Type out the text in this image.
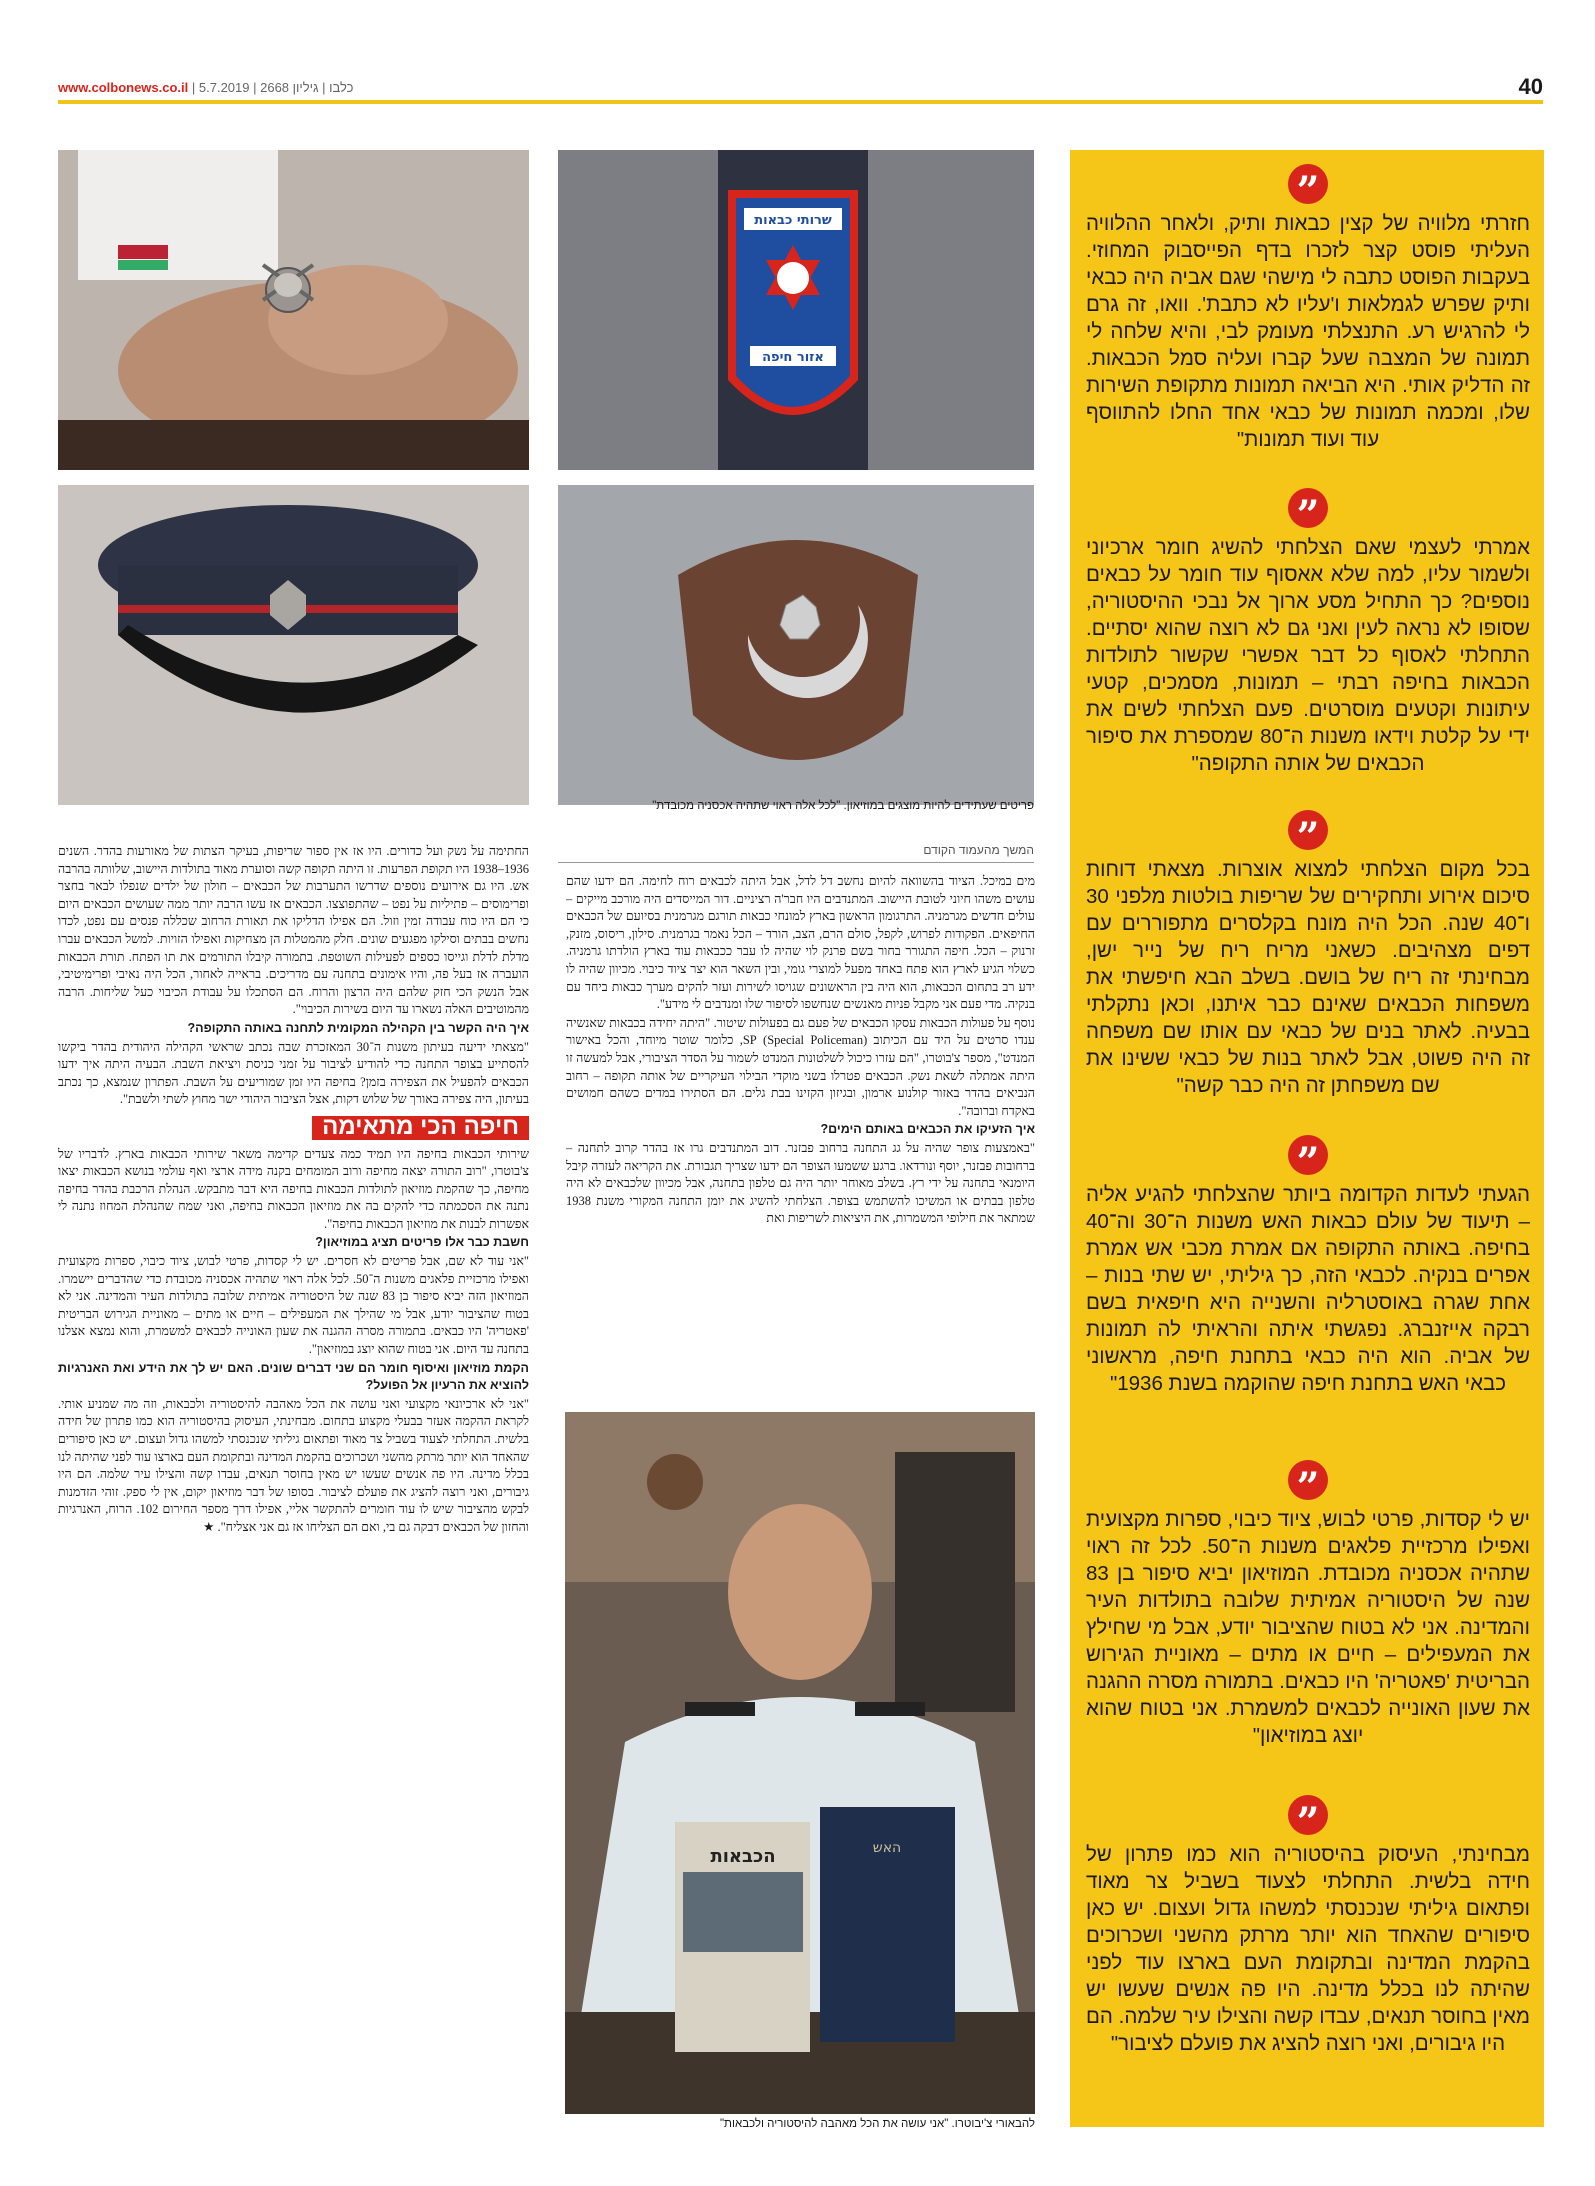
www.colbonews.co.il | כלבו | גיליון 2668 | 5.7.2019	40
שרותי כבאות
אזור חיפה
פריטים שעתידים להיות מוצגים במוזיאון. "לכל אלה ראוי שתהיה אכסניה מכובדת"
המשך מהעמוד הקודם

מים במיכל. הציוד בהשוואה להיום נחשב דל לדל, אבל היתה לכבאים רוח לחימה. הם ידעו שהם עושים משהו חיוני לטובת היישוב. המתנדבים היו חבר'ה רציניים. דור המייסדים היה מורכב מייקים – עולים חדשים מגרמניה. התרגומון הראשון בארץ למונחי כבאות תורגם מגרמנית בסיועם של הכבאים החיפאים. הפקודות לפרוש, לקפל, סולם הרם, הצב, הורד – הכל נאמר בגרמנית. סילון, ריסוס, מזנק, זרנוק – הכל. חיפה התגורר בחור בשם פרנק לוי שהיה לו עבר ככבאות עוד בארץ הולדתו גרמניה. כשלוי הגיע לארץ הוא פתח באחד מפעל למוצרי גומי, ובין השאר הוא יצר ציוד כיבוי. מכיוון שהיה לו ידע רב בתחום הכבאות, הוא היה בין הראשונים שגויסו לשירות ועזר להקים מערך כבאות ביחד עם בנקיה. מדי פעם אני מקבל פניות מאנשים שנחשפו לסיפור שלו ומנדבים לי מידע".

נוסף על פעולות הכבאות עסקו הכבאים של פעם גם בפעולות שיטור. "היתה יחידה בכבאות שאנשיה ענדו סרטים על היד עם הכיתוב (Special Policeman) SP, כלומר שוטר מיוחד, והכל באישור המנדט", מספר צ'בוטרו, "הם עזרו כיכול לשלטונות המנדט לשמור על הסדר הציבורי, אבל למעשה זו היתה אמתלה לשאת נשק. הכבאים פטרלו בשני מוקדי הבילוי העיקריים של אותה תקופה – רחוב הנביאים בהדר באזור קולנוע ארמון, ובגיזון הקזינו בבת גלים. הם הסתירו במדים כשהם חמושים באקדח וברובה".

איך הזעיקו את הכבאים באותם הימים?

"באמצעות צופר שהיה על גג התחנה ברחוב פבזנר. דוב המתנדבים גרו אז בהדר קרוב לתחנה – ברחובות פבזנר, יוסף ונורדאו. ברגע ששמעו הצופר הם ידעו שצריך תגבורת. את הקריאה לעזרה קיבל היומנאי בתחנה על ידי רץ. בשלב מאוחר יותר היה גם טלפון בתחנה, אבל מכיוון שלכבאים לא היה טלפון בבתים או המשיכו להשתמש בצופר. הצלחתי להשיג את יומן התחנה המקורי משנת 1938 שמתאר את חילופי המשמרות, את היציאות לשריפות ואת

הכבאות	האש
להבאורי צ'יבוטרו. "אני עושה את הכל מאהבה להיסטוריה ולכבאות"

החתימה על נשק ועל כדורים. היו אז אין ספור שריפות, בעיקר הצתות של מאורעות בהדר. השנים 1936–1938 היו תקופת הפרעות. זו היתה תקופה קשה וסוערת מאוד בתולדות היישוב, שלוותה בהרבה אש. היו גם אירועים נוספים שדרשו התערבות של הכבאים – חולון של ילדים שנפלו לבאר בחצר ופרימוסים – פתיליות על נפט – שהתפוצצו. הכבאים אז עשו הרבה יותר ממה שעושים הכבאים היום כי הם היו כוח עבודה זמין וזול. הם אפילו הדליקו את תאורת הרחוב שכללה פנסים עם נפט, לכדו נחשים בבתים וסילקו מפגעים שונים. חלק מהמטלות הן מצחיקות ואפילו הזויות. למשל הכבאים עברו מדלת לדלת וגייסו כספים לפעילות השוטפת. בתמורה קיבלו התורמים את תו הפתח. תורת הכבאות הועברה אז בעל פה, והיו אימונים בתחנה עם מדריכים. בראייה לאחור, הכל היה נאיבי ופרימיטיבי, אבל הנשק הכי חזק שלהם היה הרצון והרוח. הם הסתכלו על עבודת הכיבוי כעל שליחות. הרבה מהמוטיבים האלה נשארו עד היום בשירות הכיבוי".

איך היה הקשר בין הקהילה המקומית לתחנה באותה התקופה?

"מצאתי ידיעה בעיתון משנות ה־30 המאזכרת שבה נכתב שראשי הקהילה היהודית בהדר ביקשו להסתייע בצופר התחנה כדי להודיע לציבור על זמני כניסת ויציאת השבת. הבעיה היתה איך ידעו הכבאים להפעיל את הצפירה בזמן? בחיפה היו זמן שמוריעים על השבת. הפתרון שנמצא, כך נכתב בעיתון, היה צפירה באורך של שלוש דקות, אצל הציבור היהודי ישר מחוץ לשתי ולשבת".

חיפה הכי מתאימה

שירותי הכבאות בחיפה היו תמיד כמה צעדים קדימה משאר שירותי הכבאות בארץ. לדבריו של צ'בוטרו, "רוב התורה יצאה מחיפה ורוב המומחים בקנה מידה ארצי ואף עולמי בנושא הכבאות יצאו מחיפה, כך שהקמת מוזיאון לתולדות הכבאות בחיפה היא דבר מתבקש. הנהלת הרכבת בהדר בחיפה נתנה את הסכמתה כדי להקים בה את מוזיאון הכבאות בחיפה, ואני שמח שהנהלת המחוז נתנה לי אפשרות לבנות את מוזיאון הכבאות בחיפה".

חשבת כבר אלו פריטים תציג במוזיאון?

"אני עוד לא שם, אבל פריטים לא חסרים. יש לי קסדות, פרטי לבוש, ציוד כיבוי, ספרות מקצועית ואפילו מרכזיית פלאגים משנות ה־50. לכל אלה ראוי שתהיה אכסניה מכובדת כדי שהדברים יישמרו. המוזיאון הזה יביא סיפור בן 83 שנה של היסטוריה אמיתית שלובה בתולדות העיר והמדינה. אני לא בטוח שהציבור יודע, אבל מי שהילך את המעפילים – חיים או מתים – מאוניית הגירוש הבריטית 'פאטריה' היו כבאים. בתמורה מסרה ההגנה את שעון האונייה לכבאים למשמרת, והוא נמצא אצלנו בתחנה עד היום. אני בטוח שהוא יוצג במוזיאון".

הקמת מוזיאון ואיסוף חומר הם שני דברים שונים. האם יש לך את הידע ואת האנרגיות להוציא את הרעיון אל הפועל?

"אני לא ארכיונאי מקצועי ואני עושה את הכל מאהבה להיסטוריה ולכבאות, וזה מה שמניע אותי. לקראת ההקמה אעזר בבעלי מקצוע בתחום. מבחינתי, העיסוק בהיסטוריה הוא כמו פתרון של חידה בלשית. התחלתי לצעוד בשביל צר מאוד ופתאום גיליתי שנכנסתי למשהו גדול ועצום. יש כאן סיפורים שהאחד הוא יותר מרתק מהשני ושכרוכים בהקמת המדינה ובתקומת העם בארצו עוד לפני שהיתה לנו בכלל מדינה. היו פה אנשים שעשו יש מאין בחוסר תנאים, עבדו קשה והצילו עיר שלמה. הם היו גיבורים, ואני רוצה להציג את פועלם לציבור. בסופו של דבר מוזיאון יקום, אין לי ספק. זוהי הזדמנות לבקש מהציבור שיש לו עוד חומרים להתקשר אליי, אפילו דרך מספר החירום 102. הרוח, האנרגיות והחזון של הכבאים דבקה גם בי, ואם הם הצליחו אז גם אני אצליח". ★

”
חזרתי מלוויה של קצין כבאות ותיק, ולאחר ההלוויה העליתי פוסט קצר לזכרו בדף הפייסבוק המחוזי. בעקבות הפוסט כתבה לי מישהי שגם אביה היה כבאי ותיק שפרש לגמלאות ו'עליו לא כתבת'. וואו, זה גרם לי להרגיש רע. התנצלתי מעומק לבי, והיא שלחה לי תמונה של המצבה שעל קברו ועליה סמל הכבאות. זה הדליק אותי. היא הביאה תמונות מתקופת השירות שלו, ומכמה תמונות של כבאי אחד החלו להתווסף עוד ועוד תמונות"
”
אמרתי לעצמי שאם הצלחתי להשיג חומר ארכיוני ולשמור עליו, למה שלא אאסוף עוד חומר על כבאים נוספים? כך התחיל מסע ארוך אל נבכי ההיסטוריה, שסופו לא נראה לעין ואני גם לא רוצה שהוא יסתיים. התחלתי לאסוף כל דבר אפשרי שקשור לתולדות הכבאות בחיפה רבתי – תמונות, מסמכים, קטעי עיתונות וקטעים מוסרטים. פעם הצלחתי לשים את ידי על קלטת וידאו משנות ה־80 שמספרת את סיפור הכבאים של אותה התקופה"
”
בכל מקום הצלחתי למצוא אוצרות. מצאתי דוחות סיכום אירוע ותחקירים של שריפות בולטות מלפני 30 ו־40 שנה. הכל היה מונח בקלסרים מתפוררים עם דפים מצהיבים. כשאני מריח ריח של נייר ישן, מבחינתי זה ריח של בושם. בשלב הבא חיפשתי את משפחות הכבאים שאינם כבר איתנו, וכאן נתקלתי בבעיה. לאתר בנים של כבאי עם אותו שם משפחה זה היה פשוט, אבל לאתר בנות של כבאי ששינו את שם משפחתן זה היה כבר קשה"
”
הגעתי לעדות הקדומה ביותר שהצלחתי להגיע אליה – תיעוד של עולם כבאות האש משנות ה־30 וה־40 בחיפה. באותה התקופה אם אמרת מכבי אש אמרת אפרים בנקיה. לכבאי הזה, כך גיליתי, יש שתי בנות – אחת שגרה באוסטרליה והשנייה היא חיפאית בשם רבקה אייזנברג. נפגשתי איתה והראיתי לה תמונות של אביה. הוא היה כבאי בתחנת חיפה, מראשוני כבאי האש בתחנת חיפה שהוקמה בשנת 1936"
”
יש לי קסדות, פרטי לבוש, ציוד כיבוי, ספרות מקצועית ואפילו מרכזיית פלאגים משנות ה־50. לכל זה ראוי שתהיה אכסניה מכובדת. המוזיאון יביא סיפור בן 83 שנה של היסטוריה אמיתית שלובה בתולדות העיר והמדינה. אני לא בטוח שהציבור יודע, אבל מי שחילץ את המעפילים – חיים או מתים – מאוניית הגירוש הבריטית 'פאטריה' היו כבאים. בתמורה מסרה ההגנה את שעון האונייה לכבאים למשמרת. אני בטוח שהוא יוצג במוזיאון"
”
מבחינתי, העיסוק בהיסטוריה הוא כמו פתרון של חידה בלשית. התחלתי לצעוד בשביל צר מאוד ופתאום גיליתי שנכנסתי למשהו גדול ועצום. יש כאן סיפורים שהאחד הוא יותר מרתק מהשני ושכרוכים בהקמת המדינה ובתקומת העם בארצו עוד לפני שהיתה לנו בכלל מדינה. היו פה אנשים שעשו יש מאין בחוסר תנאים, עבדו קשה והצילו עיר שלמה. הם היו גיבורים, ואני רוצה להציג את פועלם לציבור"
